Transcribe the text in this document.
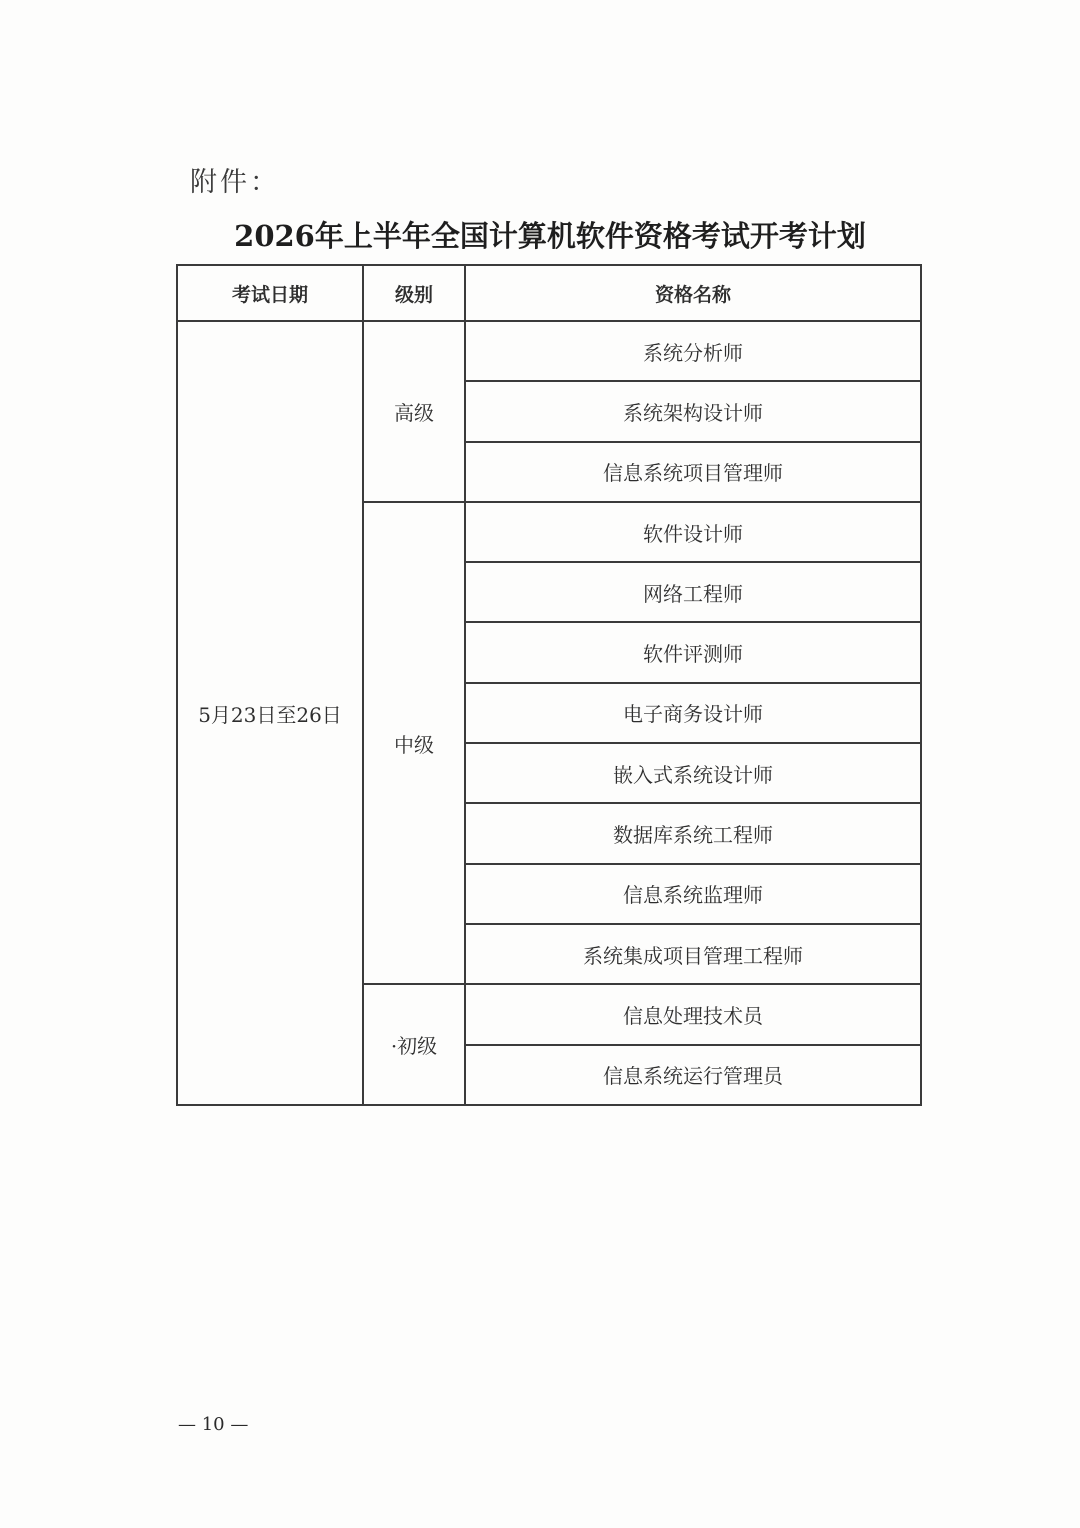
附件：
2026年上半年全国计算机软件资格考试开考计划
考试日期	级别	资格名称
5月23日至26日	高级	系统分析师
		系统架构设计师
		信息系统项目管理师
	中级	软件设计师
		网络工程师
		软件评测师
		电子商务设计师
		嵌入式系统设计师
		数据库系统工程师
		信息系统监理师
		系统集成项目管理工程师
	·初级	信息处理技术员
		信息系统运行管理员
— 10 —
